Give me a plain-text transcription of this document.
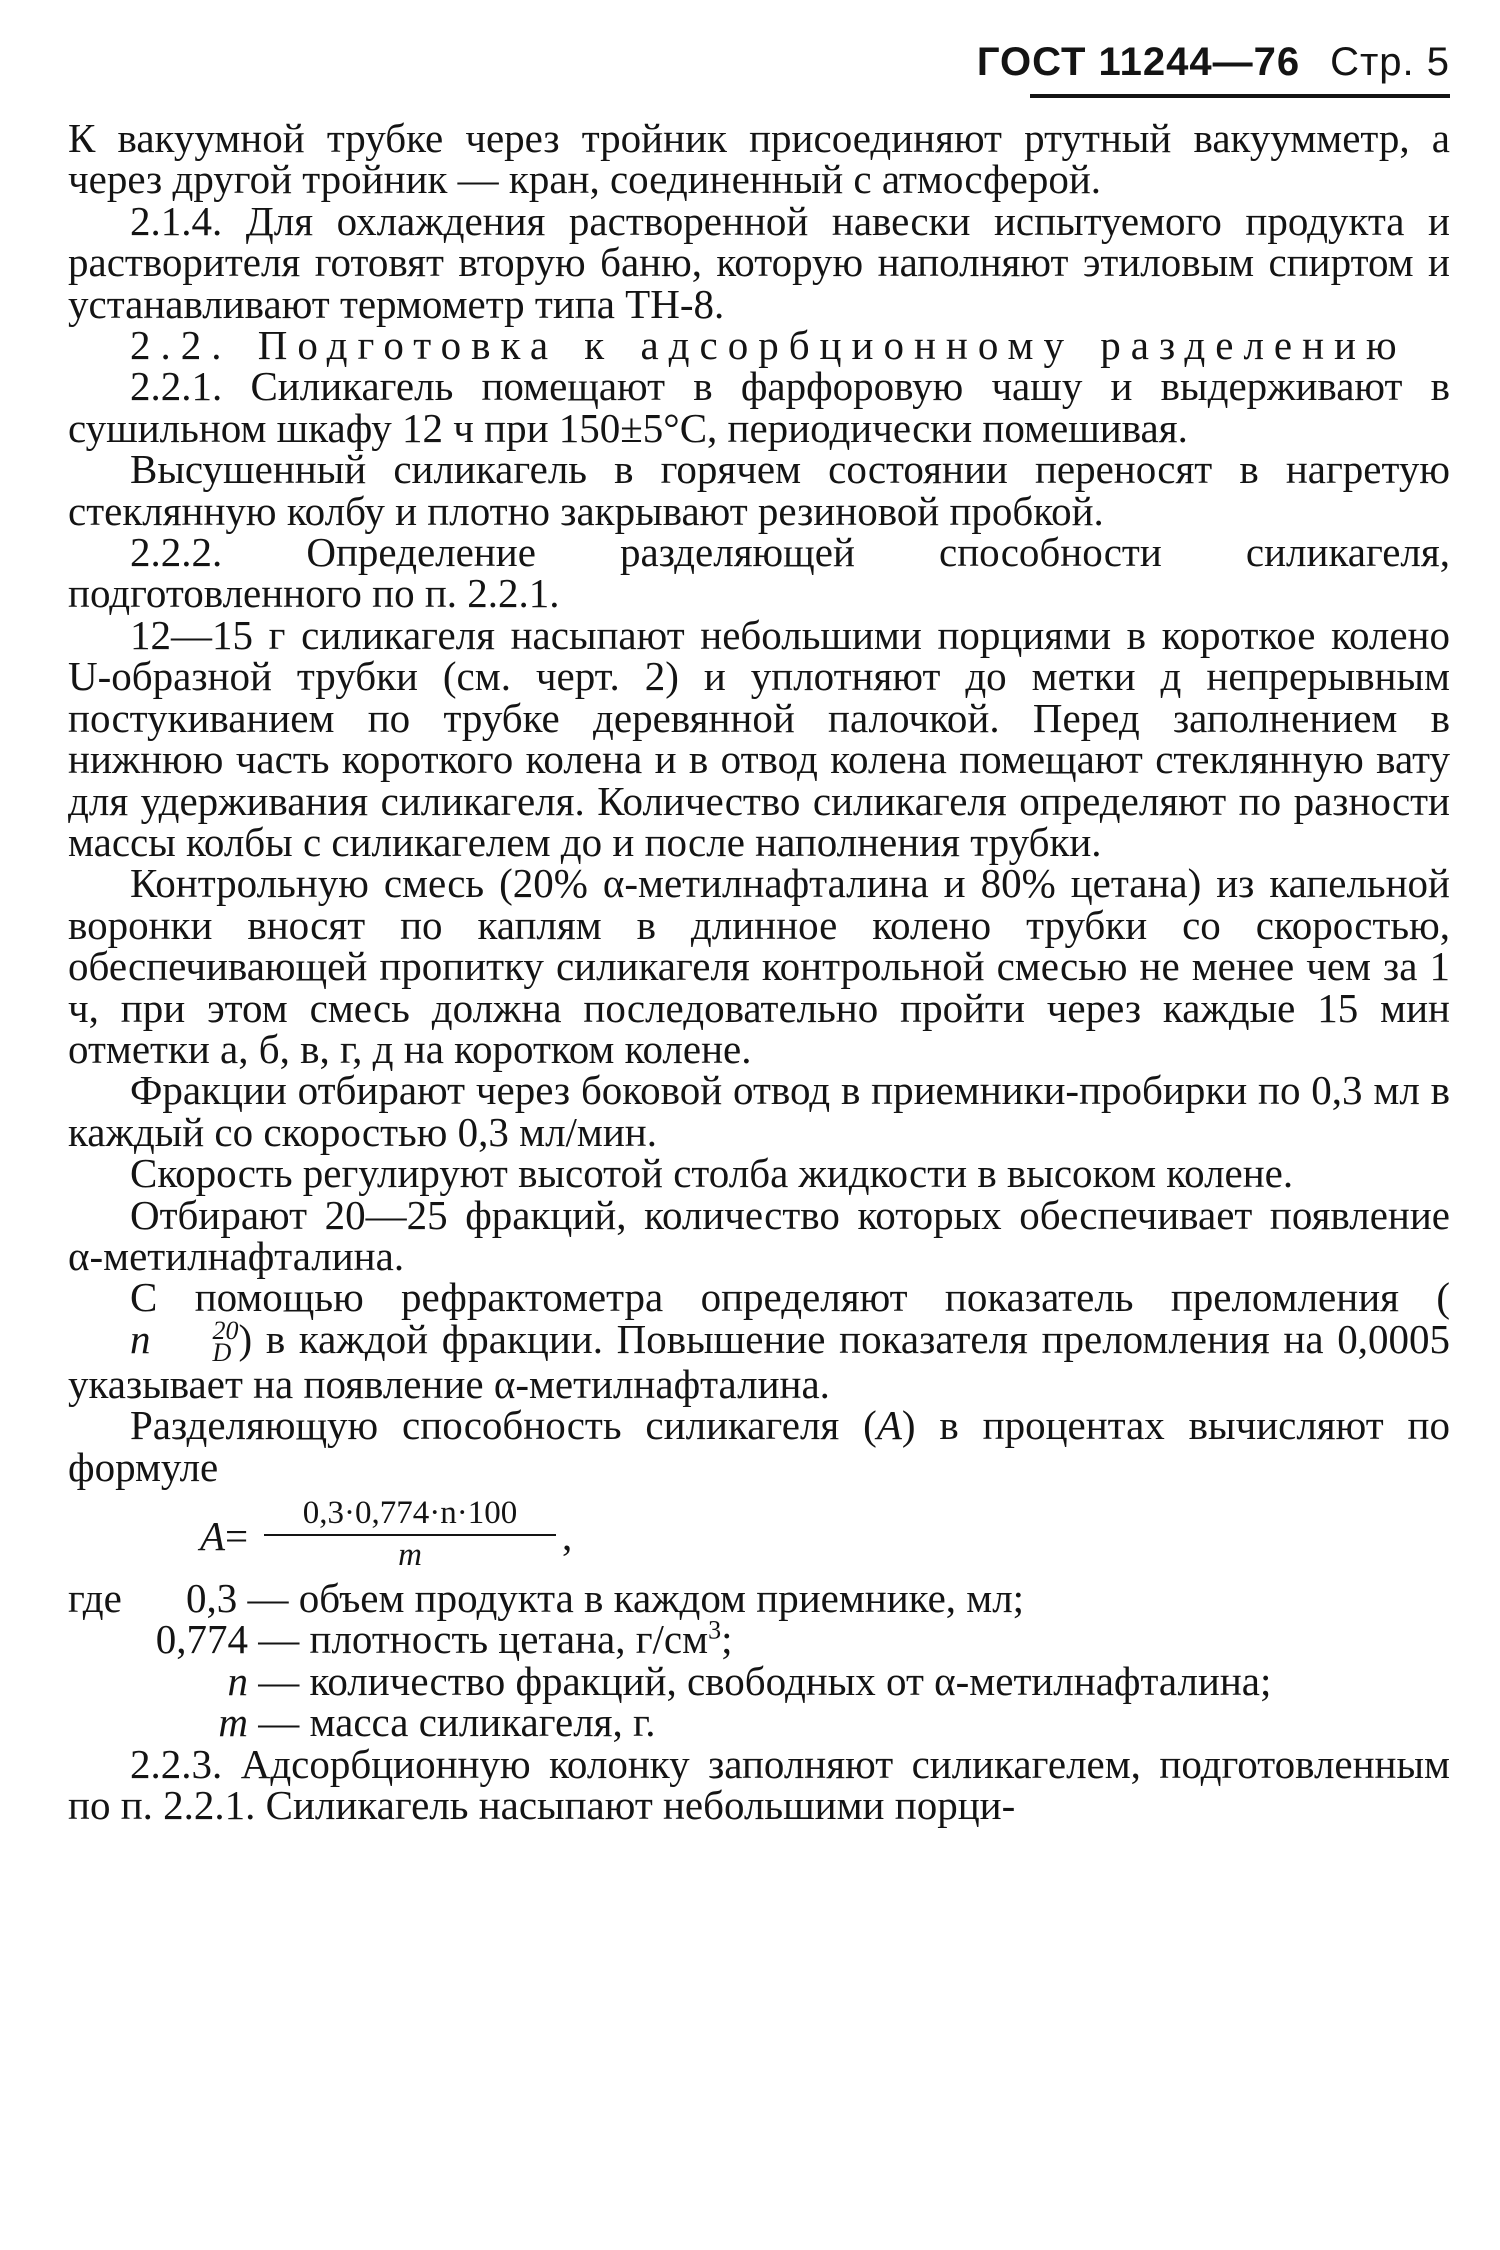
ГОСТ 11244—76 Стр. 5

К вакуумной трубке через тройник присоединяют ртутный вакуумметр, а через другой тройник — кран, соединенный с атмосферой.

2.1.4. Для охлаждения растворенной навески испытуемого продукта и растворителя готовят вторую баню, которую наполняют этиловым спиртом и устанавливают термометр типа ТН-8.

2.2. Подготовка к адсорбционному разделению

2.2.1. Силикагель помещают в фарфоровую чашу и выдерживают в сушильном шкафу 12 ч при 150±5°С, периодически помешивая.

Высушенный силикагель в горячем состоянии переносят в нагретую стеклянную колбу и плотно закрывают резиновой пробкой.

2.2.2. Определение разделяющей способности силикагеля, подготовленного по п. 2.2.1.

12—15 г силикагеля насыпают небольшими порциями в короткое колено U-образной трубки (см. черт. 2) и уплотняют до метки д непрерывным постукиванием по трубке деревянной палочкой. Перед заполнением в нижнюю часть короткого колена и в отвод колена помещают стеклянную вату для удерживания силикагеля. Количество силикагеля определяют по разности массы колбы с силикагелем до и после наполнения трубки.

Контрольную смесь (20% α-метилнафталина и 80% цетана) из капельной воронки вносят по каплям в длинное колено трубки со скоростью, обеспечивающей пропитку силикагеля контрольной смесью не менее чем за 1 ч, при этом смесь должна последовательно пройти через каждые 15 мин отметки а, б, в, г, д на коротком колене.

Фракции отбирают через боковой отвод в приемники-пробирки по 0,3 мл в каждый со скоростью 0,3 мл/мин.

Скорость регулируют высотой столба жидкости в высоком колене.

Отбирают 20—25 фракций, количество которых обеспечивает появление α-метилнафталина.

С помощью рефрактометра определяют показатель преломления (n	20
D ) в каждой фракции. Повышение показателя преломления на 0,0005 указывает на появление α-метилнафталина.

Разделяющую способность силикагеля (A) в процентах вычисляют по формуле

$A= \frac{0,3\cdot 0,774\cdot n\cdot 100}{m}$ ,
где	0,3 — объем продукта в каждом приемнике, мл;
0,774 — плотность цетана, $г/см^3$;
n — количество фракций, свободных от α-метилнафталина;
m — масса силикагеля, г.

2.2.3. Адсорбционную колонку заполняют силикагелем, подготовленным по п. 2.2.1. Силикагель насыпают небольшими порци-
